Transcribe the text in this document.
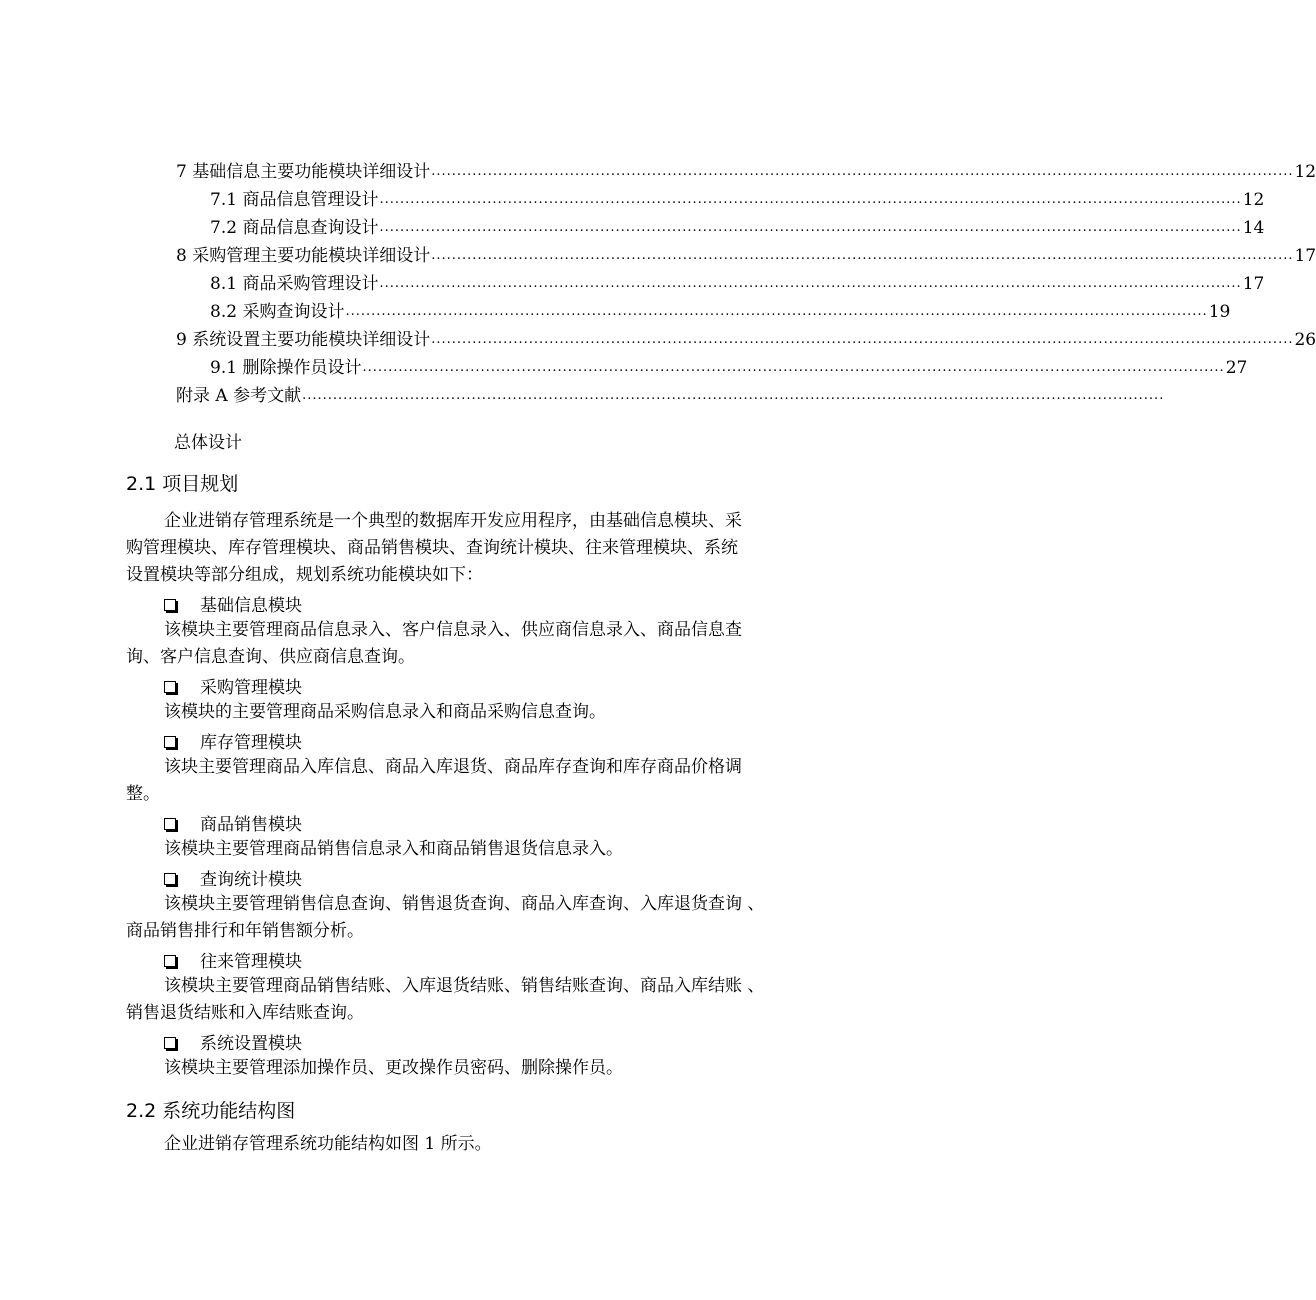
7 基础信息主要功能模块详细设计 ........................................................................................................................................................................ 12
7.1 商品信息管理设计 ........................................................................................................................................................................ 12
7.2 商品信息查询设计 ........................................................................................................................................................................ 14
8 采购管理主要功能模块详细设计 ........................................................................................................................................................................ 17
8.1 商品采购管理设计 ........................................................................................................................................................................ 17
8.2 采购查询设计 ........................................................................................................................................................................ 19
9 系统设置主要功能模块详细设计 ........................................................................................................................................................................ 26
9.1 删除操作员设计 ........................................................................................................................................................................ 27
附录 A 参考文献 ........................................................................................................................................................................
总体设计
2.1 项目规划
企业进销存管理系统是一个典型的数据库开发应用程序，由基础信息模块、采
购管理模块、库存管理模块、商品销售模块、查询统计模块、往来管理模块、系统
设置模块等部分组成，规划系统功能模块如下：
基础信息模块
该模块主要管理商品信息录入、客户信息录入、供应商信息录入、商品信息查
询、客户信息查询、供应商信息查询。
采购管理模块
该模块的主要管理商品采购信息录入和商品采购信息查询。
库存管理模块
该块主要管理商品入库信息、商品入库退货、商品库存查询和库存商品价格调
整。
商品销售模块
该模块主要管理商品销售信息录入和商品销售退货信息录入。
查询统计模块
该模块主要管理销售信息查询、销售退货查询、商品入库查询、入库退货查询 、
商品销售排行和年销售额分析。
往来管理模块
该模块主要管理商品销售结账、入库退货结账、销售结账查询、商品入库结账 、
销售退货结账和入库结账查询。
系统设置模块
该模块主要管理添加操作员、更改操作员密码、删除操作员。
2.2 系统功能结构图
企业进销存管理系统功能结构如图 1 所示。
